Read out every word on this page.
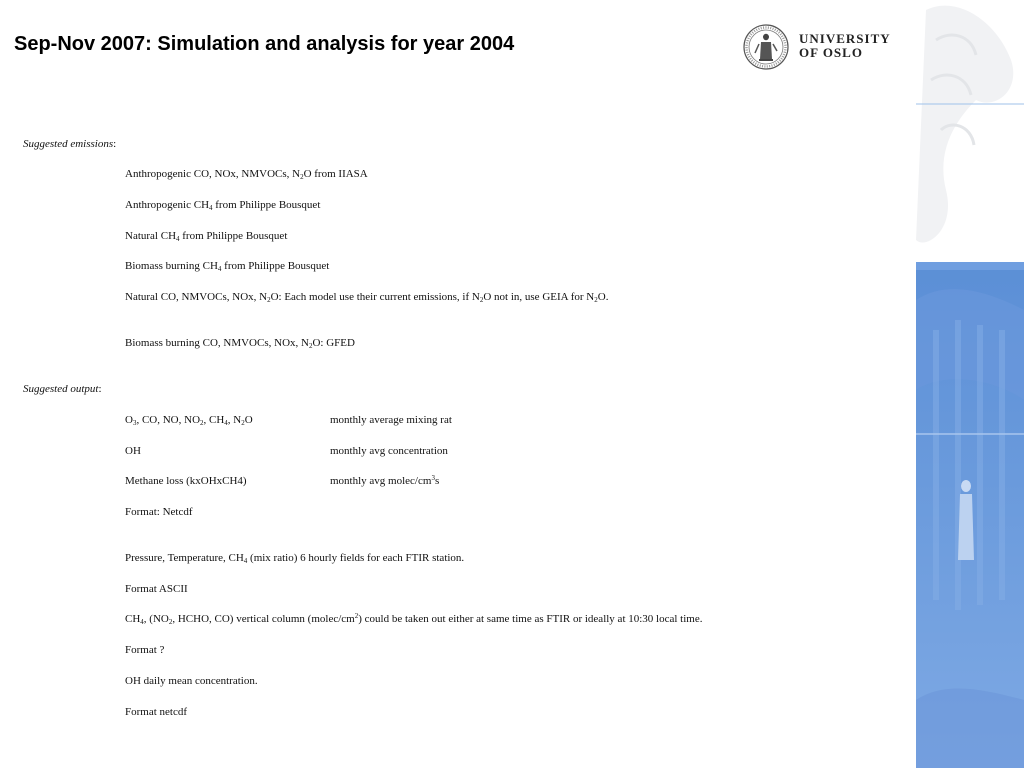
Sep-Nov 2007: Simulation and analysis for year 2004	UNIVERSITY
OF OSLO
Suggested emissions:
Anthropogenic CO, NOx, NMVOCs, $N_2O$ from IIASA
Anthropogenic $CH_4$ from Philippe Bousquet
Natural $CH_4$ from Philippe Bousquet
Biomass burning $CH_4$ from Philippe Bousquet
Natural CO, NMVOCs, NOx, $N_2O$: Each model use their current emissions, if $N_2O$ not in, use GEIA for $N_2O$.
Biomass burning CO, NMVOCs, NOx, $N_2O$: GFED
Suggested output:
$O_3$, CO, NO, $NO_2$, $CH_4$, $N_2O$	monthly average mixing rat
OH	monthly avg concentration
Methane loss (kxOHxCH4)	monthly avg molec/$cm^3s$
Format: Netcdf
Pressure, Temperature, $CH_4$ (mix ratio) 6 hourly fields for each FTIR station.
Format ASCII
$CH_4$, ($NO_2$, HCHO, CO) vertical column $(molec/cm^2)$ could be taken out either at same time as FTIR or ideally at 10:30 local time.
Format ?
OH daily mean concentration.
Format netcdf
